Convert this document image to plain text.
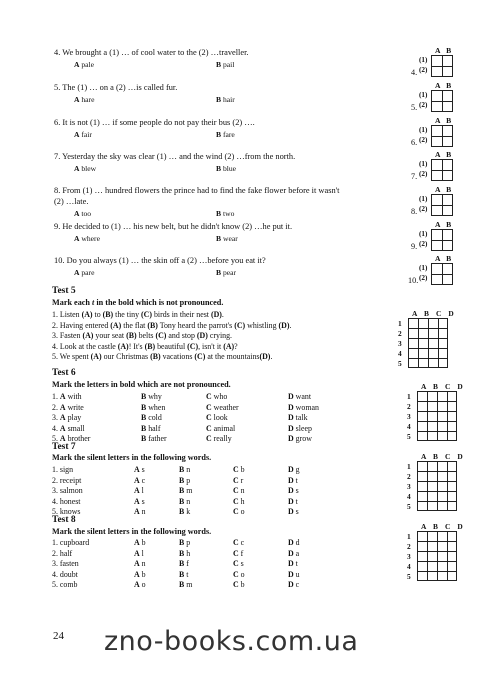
4. We brought a (1) … of cool water to the (2) …traveller.
A pale	B pail
5. The (1) … on a (2) …is called fur.
A hare	B hair
6. It is not (1) … if some people do not pay their bus (2) ….
A fair	B fare
7. Yesterday the sky was clear (1) … and the wind (2) …from the north.
A blew	B blue
8. From (1) … hundred flowers the prince had to find the fake flower before it wasn't
(2) …late.
A too	B two
9. He decided to (1) … his new belt, but he didn't know (2) …he put it.
A where	B wear
10. Do you always (1) … the skin off a (2) …before you eat it?
A pare	B pear
A   B
(1)
(2)
4.
A   B
(1)
(2)
5.
A   B
(1)
(2)
6.
A   B
(1)
(2)
7.
A   B
(1)
(2)
8.
A   B
(1)
(2)
9.
A   B
(1)
(2)
10.
Test 5
Mark each t in the bold which is not pronounced.
1. Listen (A) to (B) the tiny (C) birds in their nest (D).
2. Having entered (A) the flat (B) Tony heard the parrot's (C) whistling (D).
3. Fasten (A) your seat (B) belts (C) and stop (D) crying.
4. Look at the castle (A)! It's (B) beautiful (C), isn't it (A)?
5. We spent (A) our Christmas (B) vacations (C) at the mountains(D).
A B C D
1
2
3
4
5
A B C D
1
2
3
4
5
A B C D
1
2
3
4
5
A B C D
1
2
3
4
5
Test 6
Mark the letters in bold which are not pronounced.
1. A with	B why	C who	D want
2. A write	B when	C weather	D woman
3. A play	B cold	C look	D talk
4. A small	B half	C animal	D sleep
5. A brother	B father	C really	D grow
Test 7
Mark the silent letters in the following words.
1. sign	A s	B n	C b	D g
2. receipt	A c	B p	C r	D t
3. salmon	A l	B m	C n	D s
4. honest	A s	B n	C h	D t
5. knows	A n	B k	C o	D s
Test 8
Mark the silent letters in the following words.
1. cupboard	A b	B p	C c	D d
2. half	A l	B h	C f	D a
3. fasten	A n	B f	C s	D t
4. doubt	A b	B t	C o	D u
5. comb	A o	B m	C b	D c
24 zno-books.com.ua
